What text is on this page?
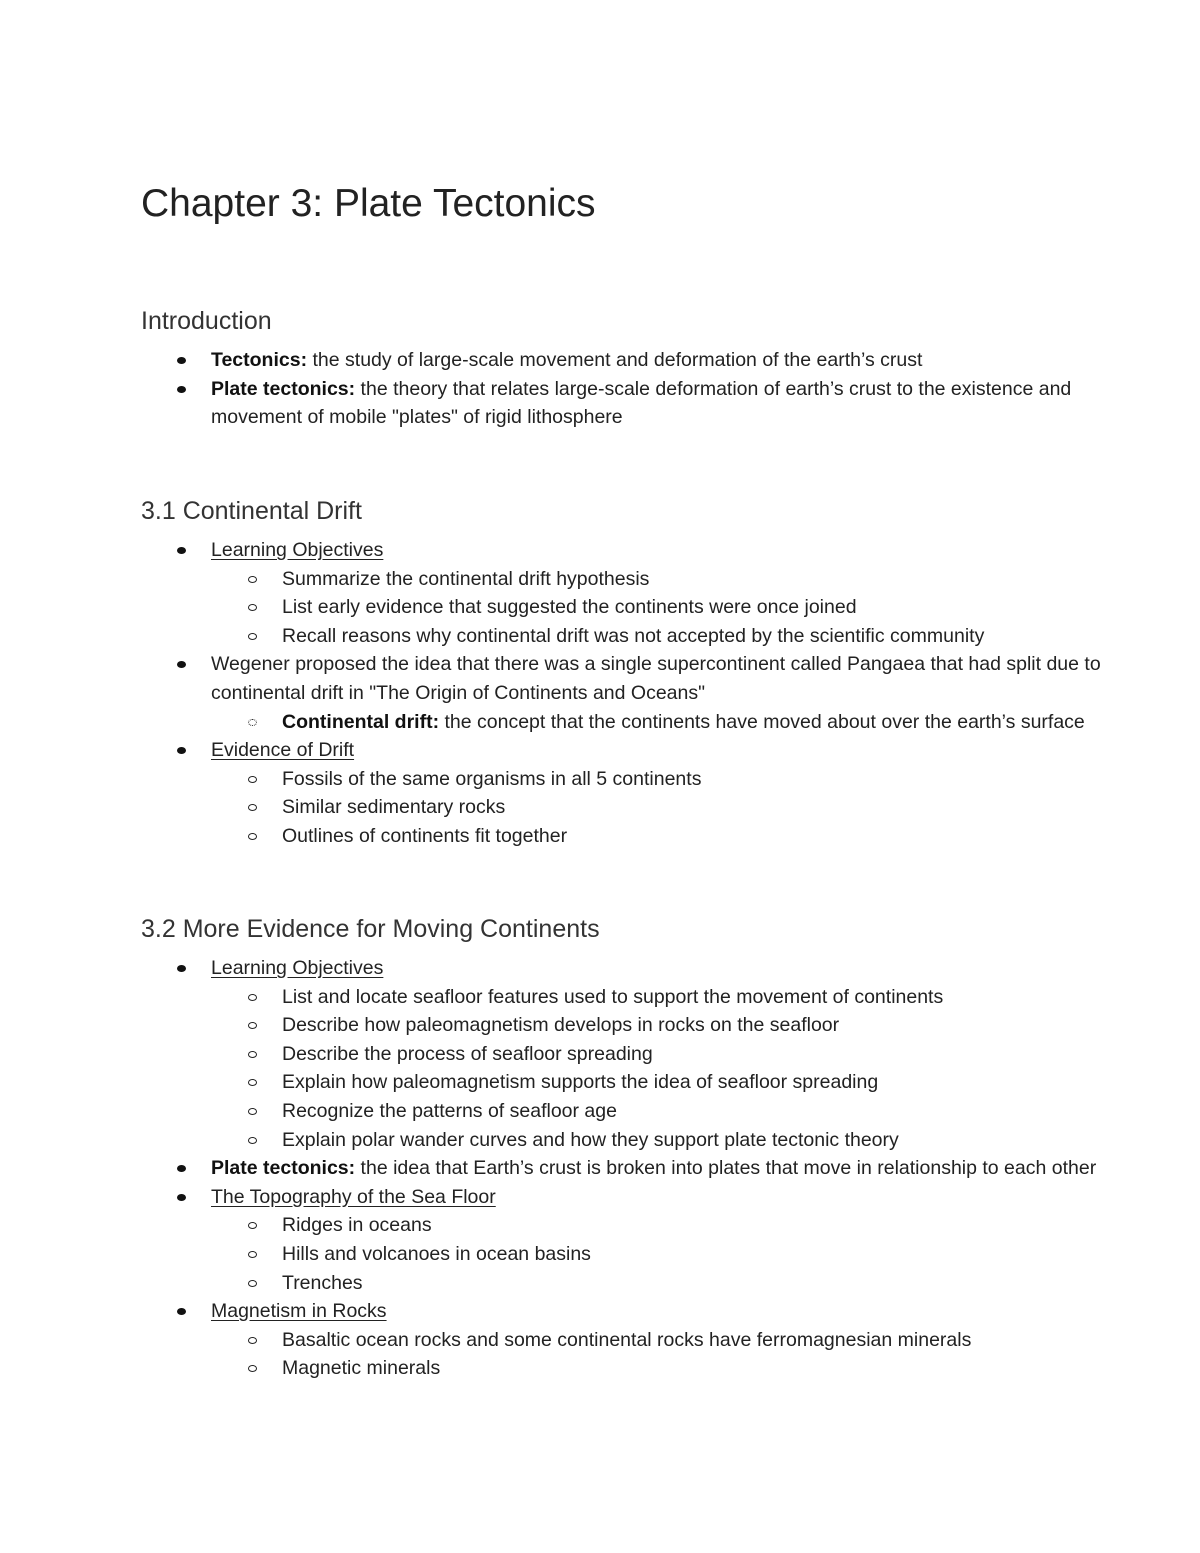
Chapter 3: Plate Tectonics
Introduction
Tectonics: the study of large-scale movement and deformation of the earth’s crust
Plate tectonics: the theory that relates large-scale deformation of earth’s crust to the existence and movement of mobile "plates" of rigid lithosphere
3.1 Continental Drift
Learning Objectives
Summarize the continental drift hypothesis
List early evidence that suggested the continents were once joined
Recall reasons why continental drift was not accepted by the scientific community
Wegener proposed the idea that there was a single supercontinent called Pangaea that had split due to continental drift in "The Origin of Continents and Oceans"
Continental drift: the concept that the continents have moved about over the earth’s surface
Evidence of Drift
Fossils of the same organisms in all 5 continents
Similar sedimentary rocks
Outlines of continents fit together
3.2 More Evidence for Moving Continents
Learning Objectives
List and locate seafloor features used to support the movement of continents
Describe how paleomagnetism develops in rocks on the seafloor
Describe the process of seafloor spreading
Explain how paleomagnetism supports the idea of seafloor spreading
Recognize the patterns of seafloor age
Explain polar wander curves and how they support plate tectonic theory
Plate tectonics: the idea that Earth’s crust is broken into plates that move in relationship to each other
The Topography of the Sea Floor
Ridges in oceans
Hills and volcanoes in ocean basins
Trenches
Magnetism in Rocks
Basaltic ocean rocks and some continental rocks have ferromagnesian minerals
Magnetic minerals
